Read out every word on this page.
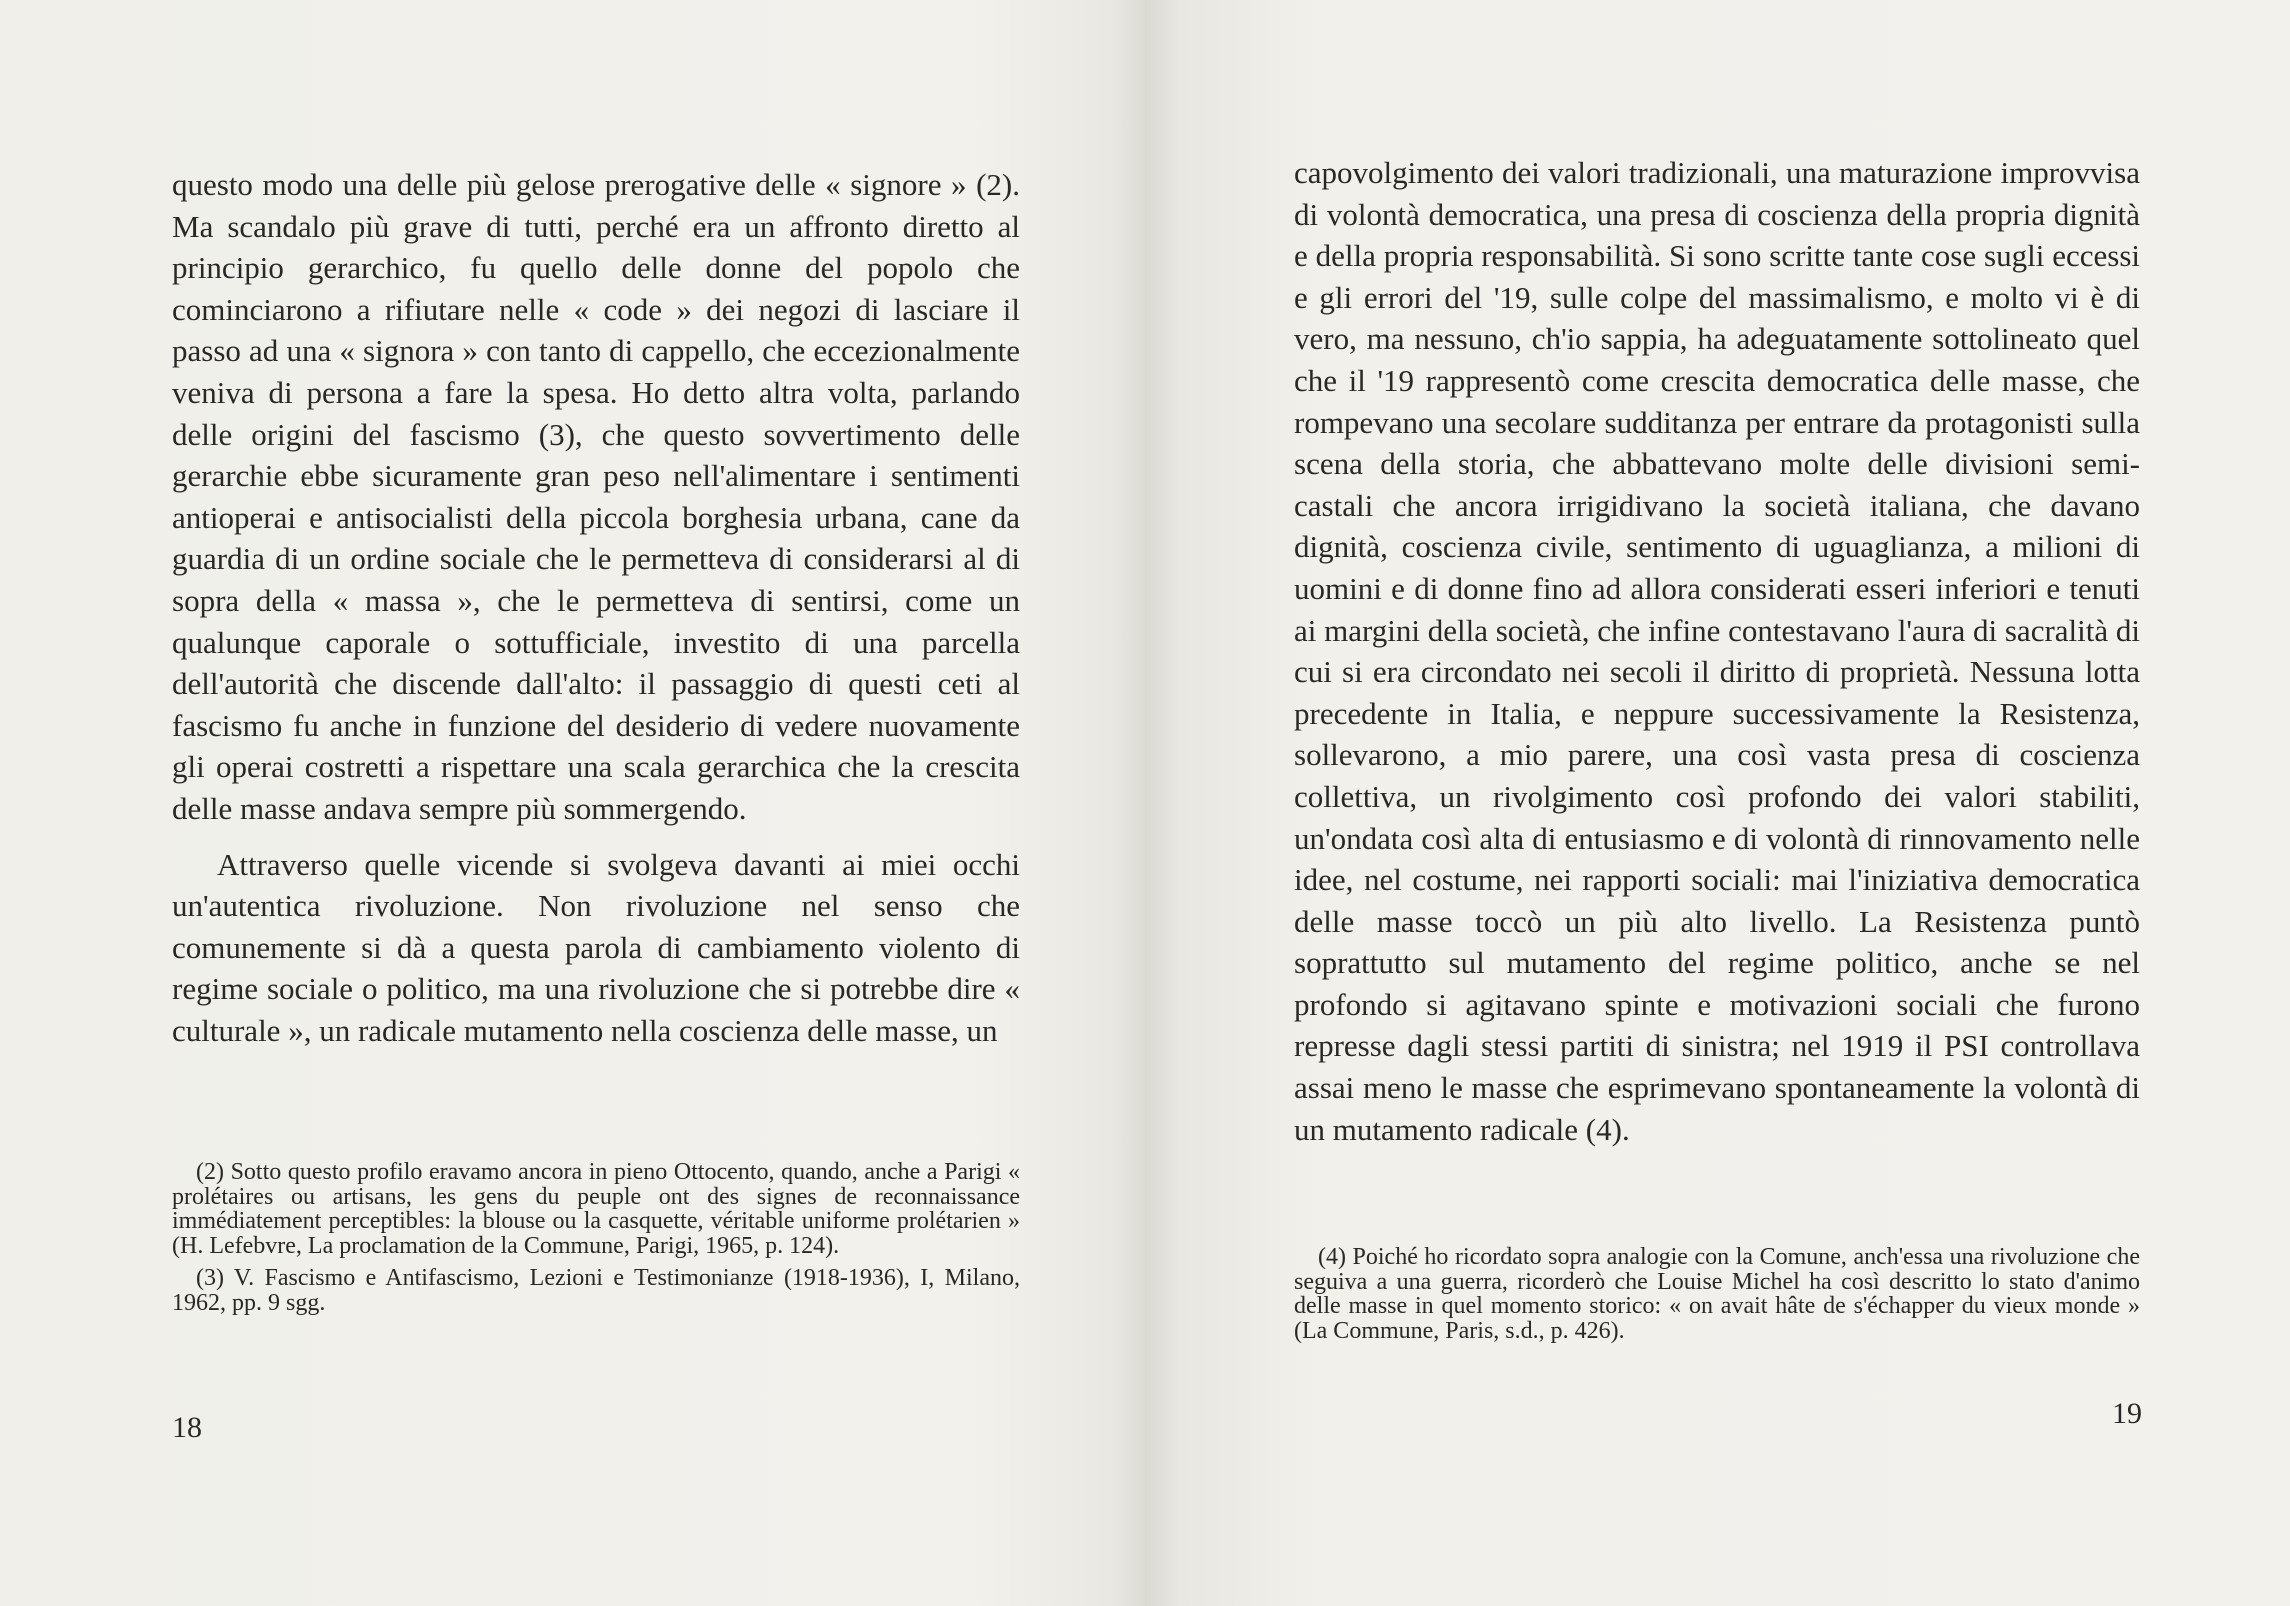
questo modo una delle più gelose prerogative delle « signore » (2). Ma scandalo più grave di tutti, perché era un affronto diretto al principio gerarchico, fu quello delle donne del popolo che cominciarono a rifiutare nelle « code » dei negozi di lasciare il passo ad una « signora » con tanto di cappello, che eccezionalmente veniva di persona a fare la spesa. Ho detto altra volta, parlando delle origini del fascismo (3), che questo sovvertimento delle gerarchie ebbe sicuramente gran peso nell'alimentare i sentimenti antioperai e antisocialisti della piccola borghesia urbana, cane da guardia di un ordine sociale che le permetteva di considerarsi al di sopra della « massa », che le permetteva di sentirsi, come un qualunque caporale o sottufficiale, investito di una parcella dell'autorità che discende dall'alto: il passaggio di questi ceti al fascismo fu anche in funzione del desiderio di vedere nuovamente gli operai costretti a rispettare una scala gerarchica che la crescita delle masse andava sempre più sommergendo.

Attraverso quelle vicende si svolgeva davanti ai miei occhi un'autentica rivoluzione. Non rivoluzione nel senso che comunemente si dà a questa parola di cambiamento violento di regime sociale o politico, ma una rivoluzione che si potrebbe dire « culturale », un radicale mutamento nella coscienza delle masse, un

(2) Sotto questo profilo eravamo ancora in pieno Ottocento, quando, anche a Parigi « prolétaires ou artisans, les gens du peuple ont des signes de reconnaissance immédiatement perceptibles: la blouse ou la casquette, véritable uniforme prolétarien » (H. Lefebvre, La proclamation de la Commune, Parigi, 1965, p. 124).

(3) V. Fascismo e Antifascismo, Lezioni e Testimonianze (1918-1936), I, Milano, 1962, pp. 9 sgg.

18

capovolgimento dei valori tradizionali, una maturazione improvvisa di volontà democratica, una presa di coscienza della propria dignità e della propria responsabilità. Si sono scritte tante cose sugli eccessi e gli errori del '19, sulle colpe del massimalismo, e molto vi è di vero, ma nessuno, ch'io sappia, ha adeguatamente sottolineato quel che il '19 rappresentò come crescita democratica delle masse, che rompevano una secolare sudditanza per entrare da protagonisti sulla scena della storia, che abbattevano molte delle divisioni semi-castali che ancora irrigidivano la società italiana, che davano dignità, coscienza civile, sentimento di uguaglianza, a milioni di uomini e di donne fino ad allora considerati esseri inferiori e tenuti ai margini della società, che infine contestavano l'aura di sacralità di cui si era circondato nei secoli il diritto di proprietà. Nessuna lotta precedente in Italia, e neppure successivamente la Resistenza, sollevarono, a mio parere, una così vasta presa di coscienza collettiva, un rivolgimento così profondo dei valori stabiliti, un'ondata così alta di entusiasmo e di volontà di rinnovamento nelle idee, nel costume, nei rapporti sociali: mai l'iniziativa democratica delle masse toccò un più alto livello. La Resistenza puntò soprattutto sul mutamento del regime politico, anche se nel profondo si agitavano spinte e motivazioni sociali che furono represse dagli stessi partiti di sinistra; nel 1919 il PSI controllava assai meno le masse che esprimevano spontaneamente la volontà di un mutamento radicale (4).

(4) Poiché ho ricordato sopra analogie con la Comune, anch'essa una rivoluzione che seguiva a una guerra, ricorderò che Louise Michel ha così descritto lo stato d'animo delle masse in quel momento storico: « on avait hâte de s'échapper du vieux monde » (La Commune, Paris, s.d., p. 426).

19
